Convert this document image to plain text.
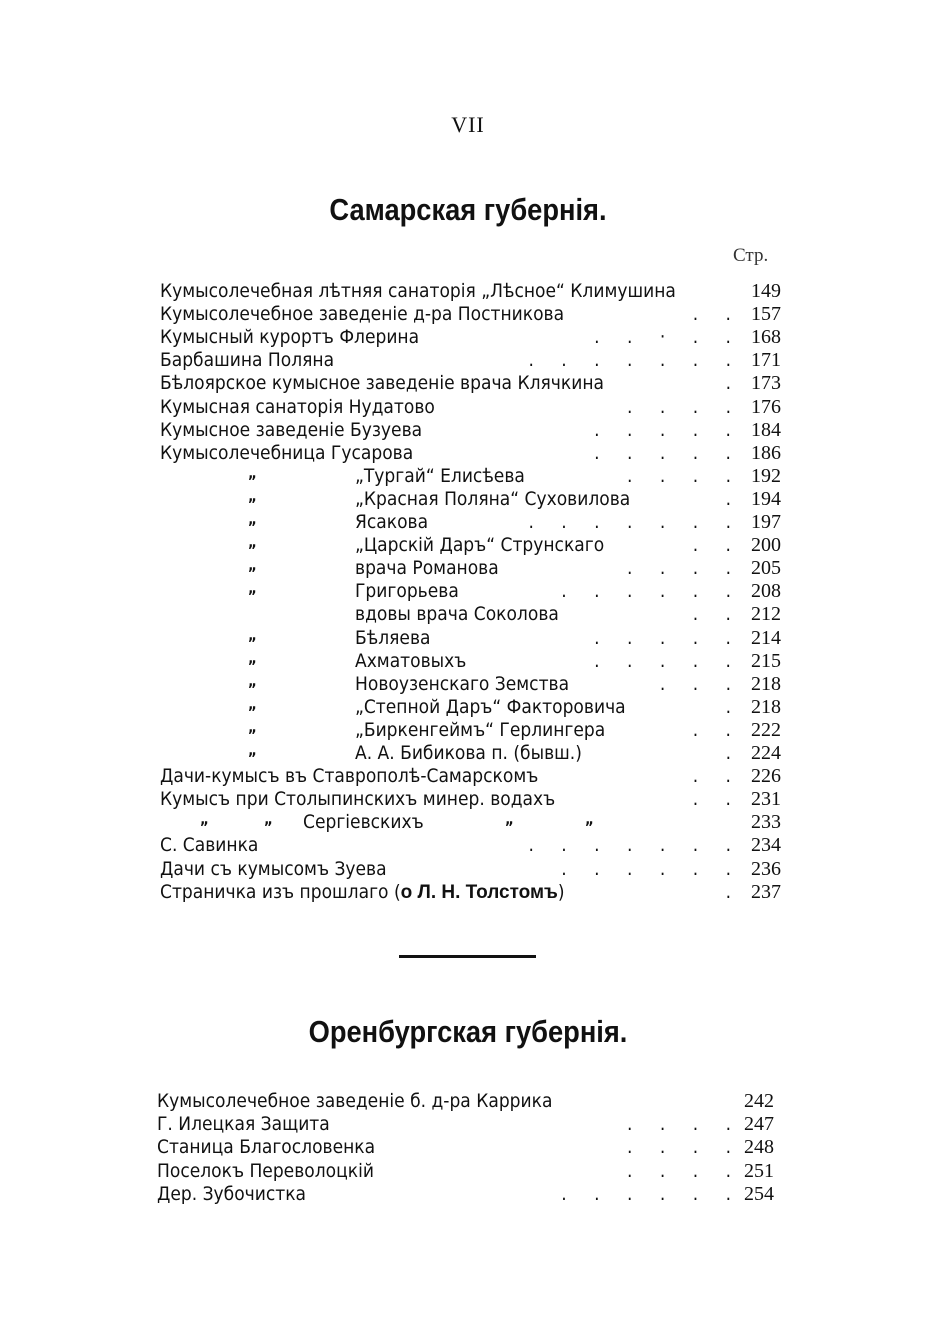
VII
Самарская губернія.
Стр.
Кумысолечебная лѣтняя санаторія „Лѣсное“ Климушина	149
Кумысолечебное заведеніе д-ра Постникова	. .	157
Кумысный курортъ Флерина	. . · . .	168
Барбашина Поляна	. . . . . . .	171
Бѣлоярское кумысное заведеніе врача Клячкина	.	173
Кумысная санаторія Нудатово	. . . .	176
Кумысное заведеніе Бузуева	. . . . .	184
Кумысолечебница Гусарова	. . . . .	186
„	„Тургай“ Елисѣева	. . . .	192
„	„Красная Поляна“ Суховилова	.	194
„	Ясакова	. . . . . . .	197
„	„Царскій Даръ“ Струнскаго	. .	200
„	врача Романова	. . . .	205
„	Григорьева	. . . . . .	208
вдовы врача Соколова	. .	212
„	Бѣляева	. . . . .	214
„	Ахматовыхъ	. . . . .	215
„	Новоузенскаго Земства	. . .	218
„	„Степной Даръ“ Факторовича	.	218
„	„Биркенгеймъ“ Герлингера	. .	222
„	А. А. Бибикова п. (бывш.)	.	224
Дачи-кумысъ въ Ставрополѣ-Самарскомъ	. .	226
Кумысъ при Столыпинскихъ минер. водахъ	. .	231
„	„ Сергіевскихъ	„	„	233
С. Савинка	. . . . . . .	234
Дачи съ кумысомъ Зуева	. . . . . .	236
Страничка изъ прошлаго (о Л. Н. Толстомъ)	.	237
Оренбургская губернія.
Кумысолечебное заведеніе б. д-ра Каррика	242
Г. Илецкая Защита	. . . . 247
Станица Благословенка	. . . . 248
Поселокъ Переволоцкій	. . . . 251
Дер. Зубочистка	. . . . . . 254
